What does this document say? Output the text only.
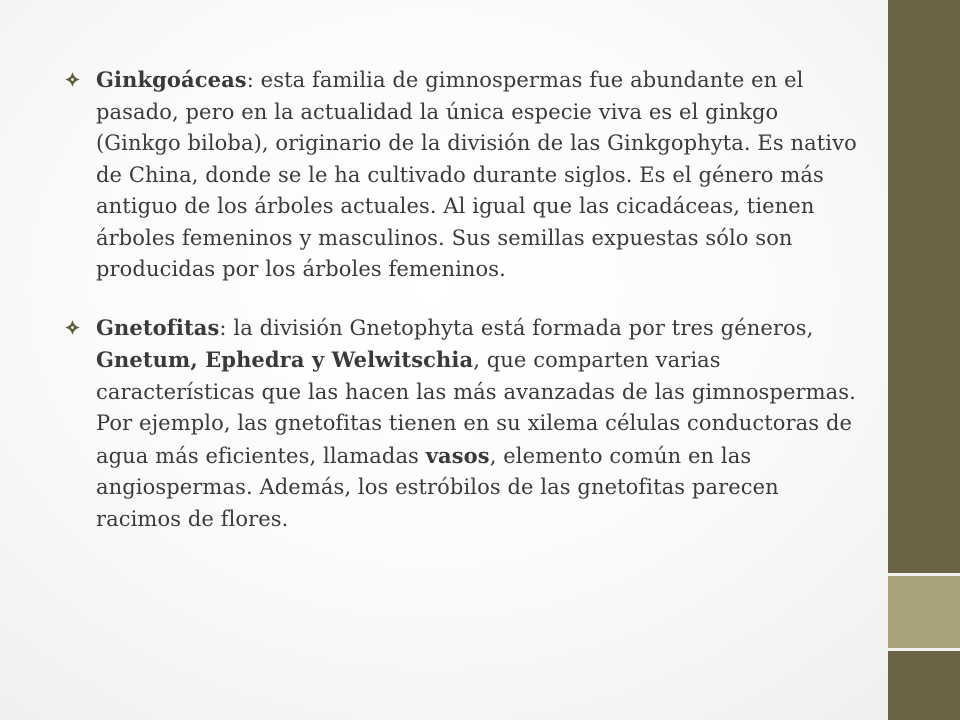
Ginkgoáceas: esta familia de gimnospermas fue abundante en el pasado, pero en la actualidad la única especie viva es el ginkgo (Ginkgo biloba), originario de la división de las Ginkgophyta. Es nativo de China, donde se le ha cultivado durante siglos. Es el género más antiguo de los árboles actuales. Al igual que las cicadáceas, tienen árboles femeninos y masculinos. Sus semillas expuestas sólo son producidas por los árboles femeninos.
Gnetofitas: la división Gnetophyta está formada por tres géneros, Gnetum, Ephedra y Welwitschia, que comparten varias características que las hacen las más avanzadas de las gimnospermas. Por ejemplo, las gnetofitas tienen en su xilema células conductoras de agua más eficientes, llamadas vasos, elemento común en las angiospermas. Además, los estróbilos de las gnetofitas parecen racimos de flores.
